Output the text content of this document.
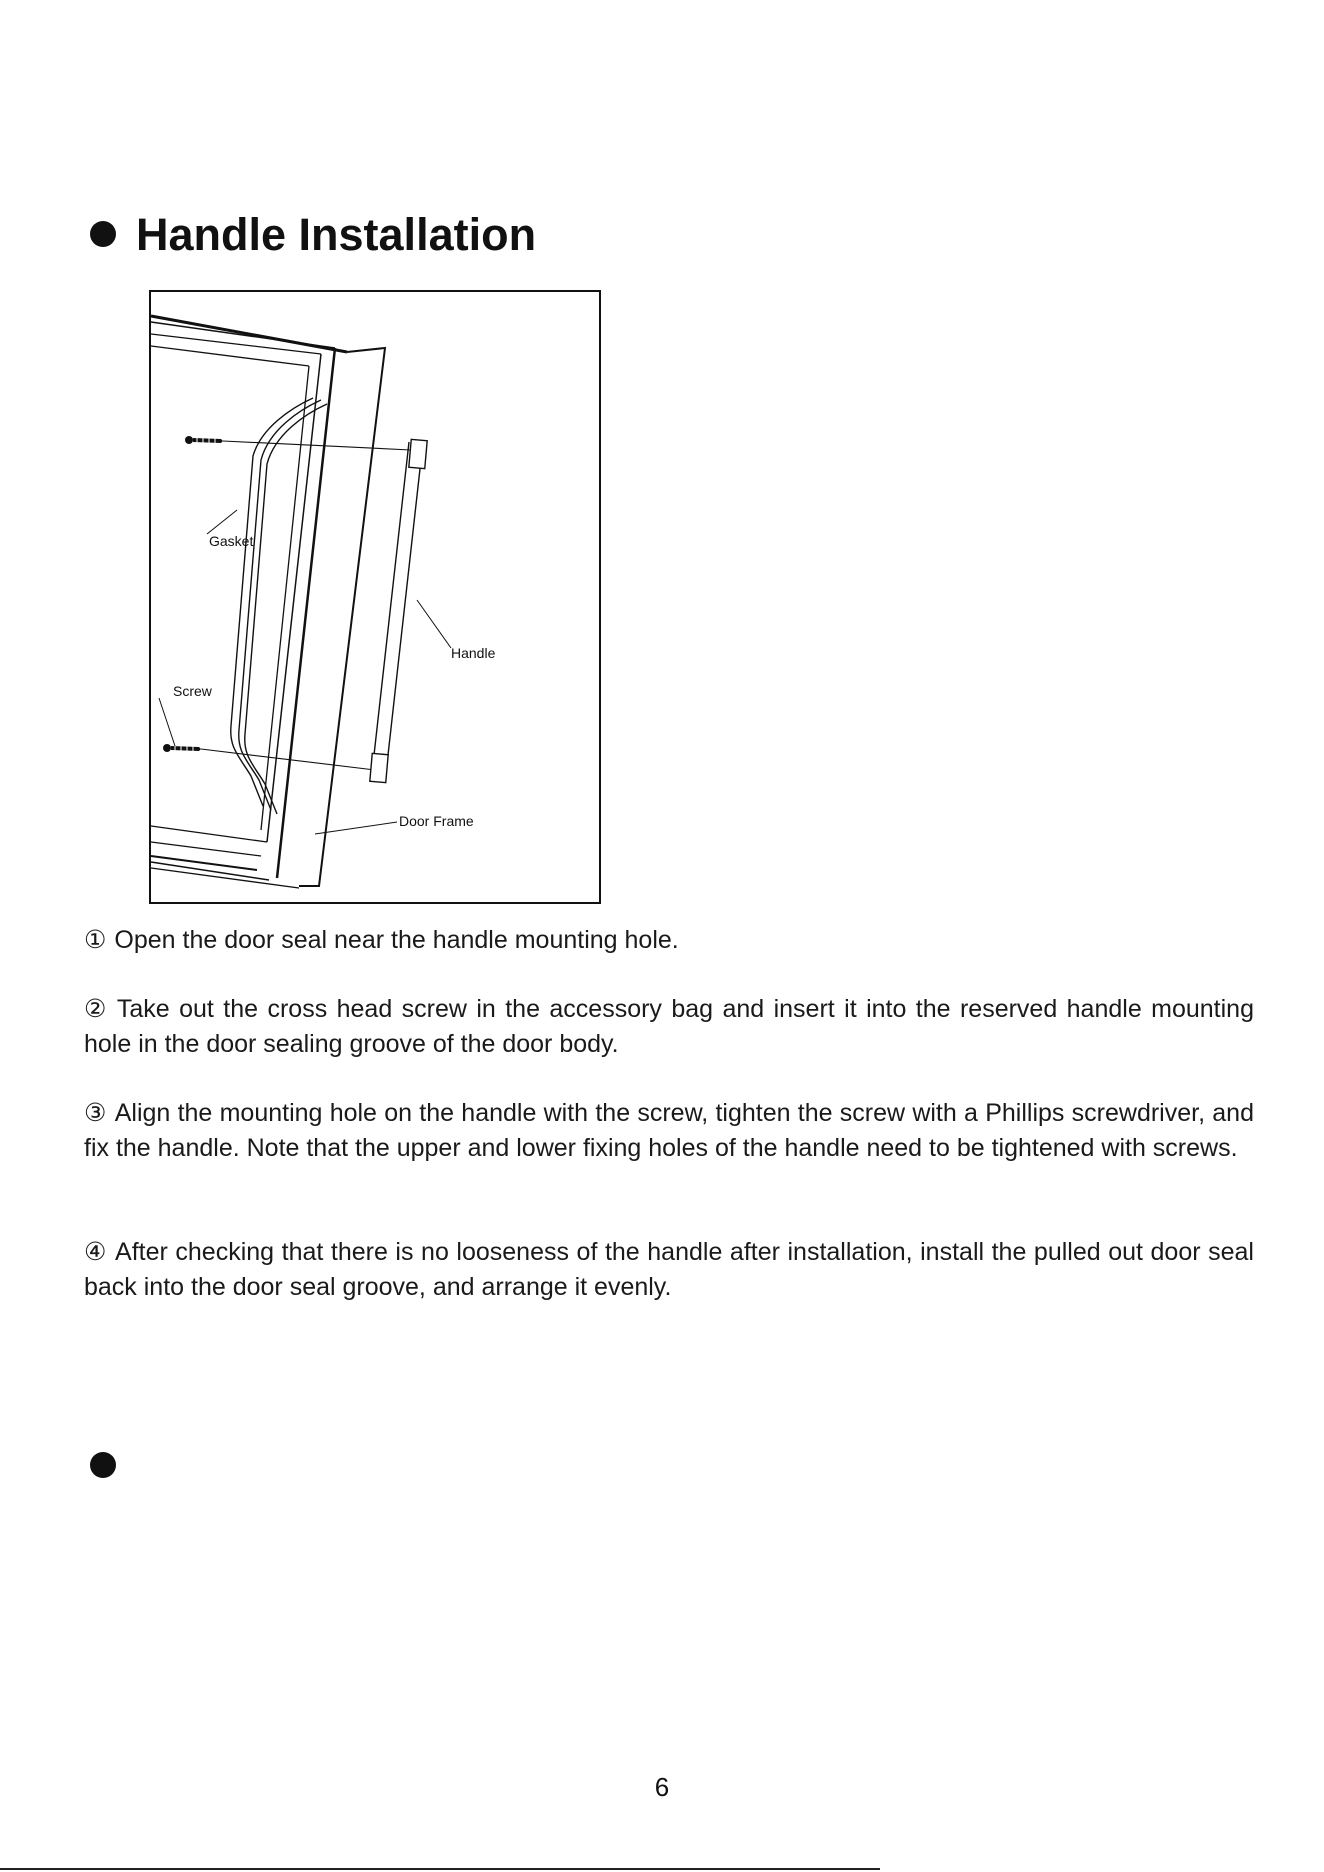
Handle Installation
Gasket
Handle
Screw
Door Frame

① Open the door seal near the handle mounting hole.

② Take out the cross head screw in the accessory bag and insert it into the reserved handle mounting hole in the door sealing groove of the door body.

③ Align the mounting hole on the handle with the screw, tighten the screw with a Phillips screwdriver, and fix the handle. Note that the upper and lower fixing holes of the handle need to be tightened with screws.

④ After checking that there is no looseness of the handle after installation, install the pulled out door seal back into the door seal groove, and arrange it evenly.

6
